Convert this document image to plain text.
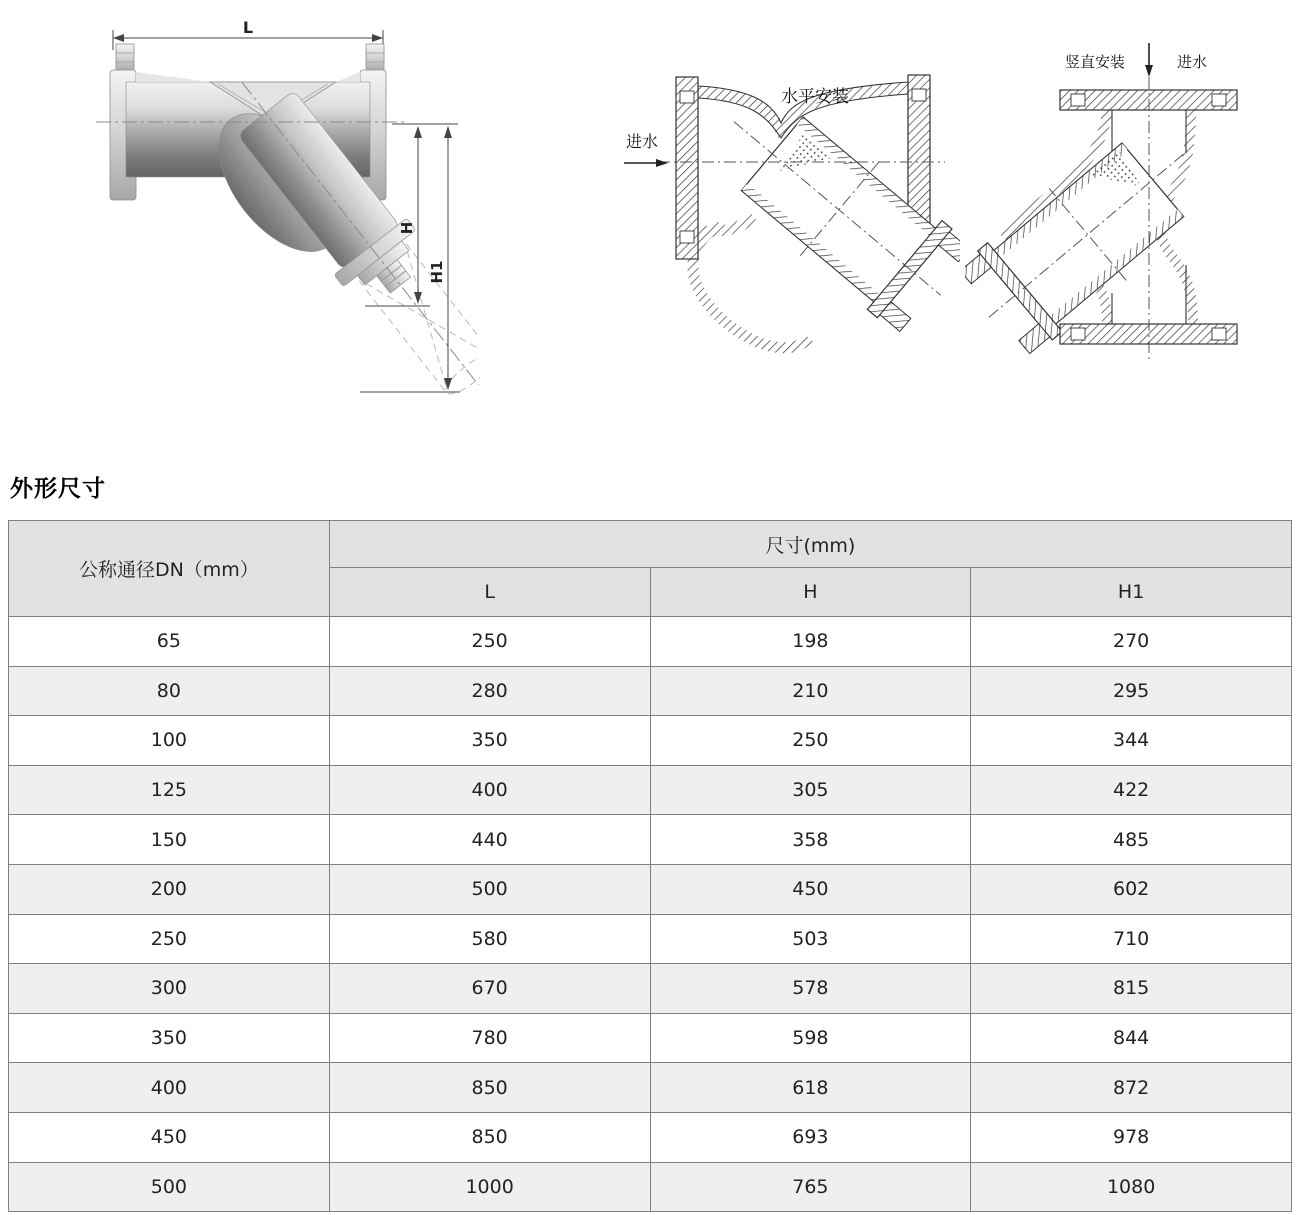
L
H
H1
水平安装
进水
竖直安装	进水
外形尺寸
公称通径DN（mm）	尺寸(mm)		
	L	H	H1
65	250	198	270
80	280	210	295
100	350	250	344
125	400	305	422
150	440	358	485
200	500	450	602
250	580	503	710
300	670	578	815
350	780	598	844
400	850	618	872
450	850	693	978
500	1000	765	1080
